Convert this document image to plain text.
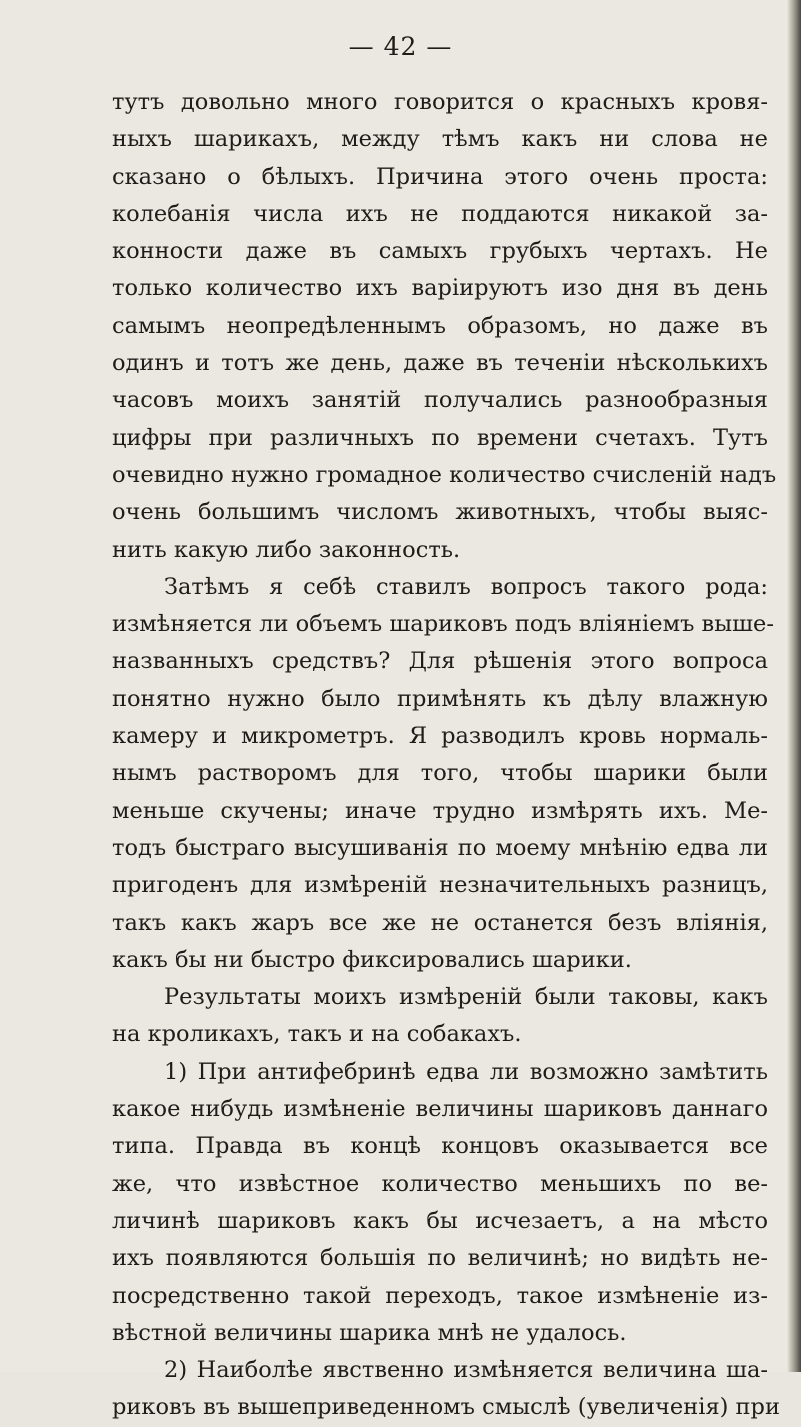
— 42 —
тутъ довольно много говорится о красныхъ кровя-
ныхъ шарикахъ, между тѣмъ какъ ни слова не
сказано о бѣлыхъ. Причина этого очень проста:
колебанія числа ихъ не поддаются никакой за-
конности даже въ самыхъ грубыхъ чертахъ. Не
только количество ихъ варіируютъ изо дня въ день
самымъ неопредѣленнымъ образомъ, но даже въ
одинъ и тотъ же день, даже въ теченіи нѣсколькихъ
часовъ моихъ занятій получались разнообразныя
цифры при различныхъ по времени счетахъ. Тутъ
очевидно нужно громадное количество счисленій надъ
очень большимъ числомъ животныхъ, чтобы выяс-
нить какую либо законность.
Затѣмъ я себѣ ставилъ вопросъ такого рода:
измѣняется ли объемъ шариковъ подъ вліяніемъ выше-
названныхъ средствъ? Для рѣшенія этого вопроса
понятно нужно было примѣнять къ дѣлу влажную
камеру и микрометръ. Я разводилъ кровь нормаль-
нымъ растворомъ для того, чтобы шарики были
меньше скучены; иначе трудно измѣрять ихъ. Ме-
тодъ быстраго высушиванія по моему мнѣнію едва ли
пригоденъ для измѣреній незначительныхъ разницъ,
такъ какъ жаръ все же не останется безъ вліянія,
какъ бы ни быстро фиксировались шарики.
Результаты моихъ измѣреній были таковы, какъ
на кроликахъ, такъ и на собакахъ.
1) При антифебринѣ едва ли возможно замѣтить
какое нибудь измѣненіе величины шариковъ даннаго
типа. Правда въ концѣ концовъ оказывается все
же, что извѣстное количество меньшихъ по ве-
личинѣ шариковъ какъ бы исчезаетъ, а на мѣсто
ихъ появляются большія по величинѣ; но видѣть не-
посредственно такой переходъ, такое измѣненіе из-
вѣстной величины шарика мнѣ не удалось.
2) Наиболѣе явственно измѣняется величина ша-
риковъ въ вышеприведенномъ смыслѣ (увеличенія) при
